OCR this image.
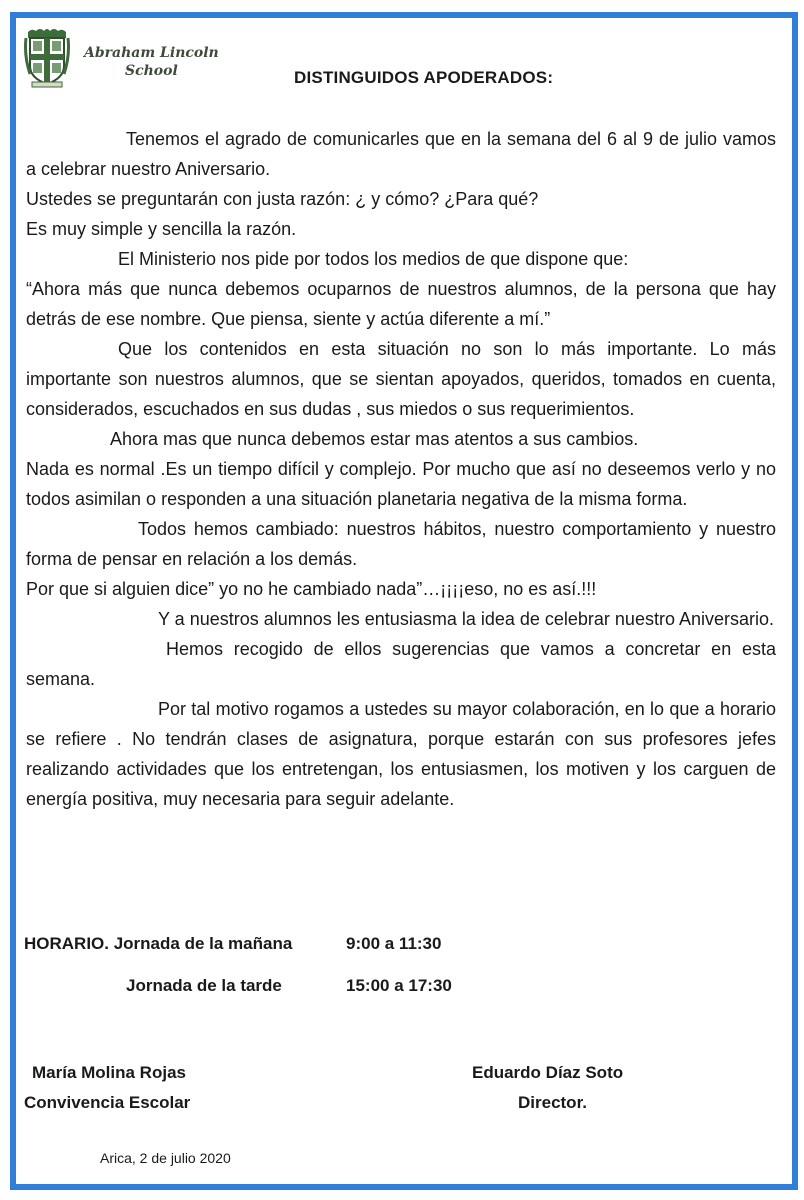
Abraham Lincoln
School	DISTINGUIDOS APODERADOS:

Tenemos el agrado de comunicarles que en la semana del 6 al 9 de julio vamos a celebrar nuestro Aniversario.

Ustedes se preguntarán con justa razón: ¿ y cómo? ¿Para qué?

Es muy simple y sencilla la razón.

El Ministerio nos pide por todos los medios de que dispone que:

“Ahora más que nunca debemos ocuparnos de nuestros alumnos, de la persona que hay detrás de ese nombre. Que piensa, siente y actúa diferente a mí.”

Que los contenidos en esta situación no son lo más importante. Lo más importante son nuestros alumnos, que se sientan apoyados, queridos, tomados en cuenta, considerados, escuchados en sus dudas , sus miedos o sus requerimientos.

Ahora mas que nunca debemos estar mas atentos a sus cambios.

Nada es normal .Es un tiempo difícil y complejo. Por mucho que así no deseemos verlo y no todos asimilan o responden a una situación planetaria negativa de la misma forma.

Todos hemos cambiado: nuestros hábitos, nuestro comportamiento y nuestro forma de pensar en relación a los demás.

Por que si alguien dice” yo no he cambiado nada”…¡¡¡¡eso, no es así.!!!

Y a nuestros alumnos les entusiasma la idea de celebrar nuestro Aniversario.

Hemos recogido de ellos sugerencias que vamos a concretar en esta semana.

Por tal motivo rogamos a ustedes su mayor colaboración, en lo que a horario se refiere . No tendrán clases de asignatura, porque estarán con sus profesores jefes realizando actividades que los entretengan, los entusiasmen, los motiven y los carguen de energía positiva, muy necesaria para seguir adelante.

HORARIO. Jornada de la mañana	9:00 a 11:30
Jornada de la tarde	15:00 a 17:30
María Molina Rojas
Convivencia Escolar
Eduardo Díaz Soto
Director.
Arica, 2 de julio 2020
